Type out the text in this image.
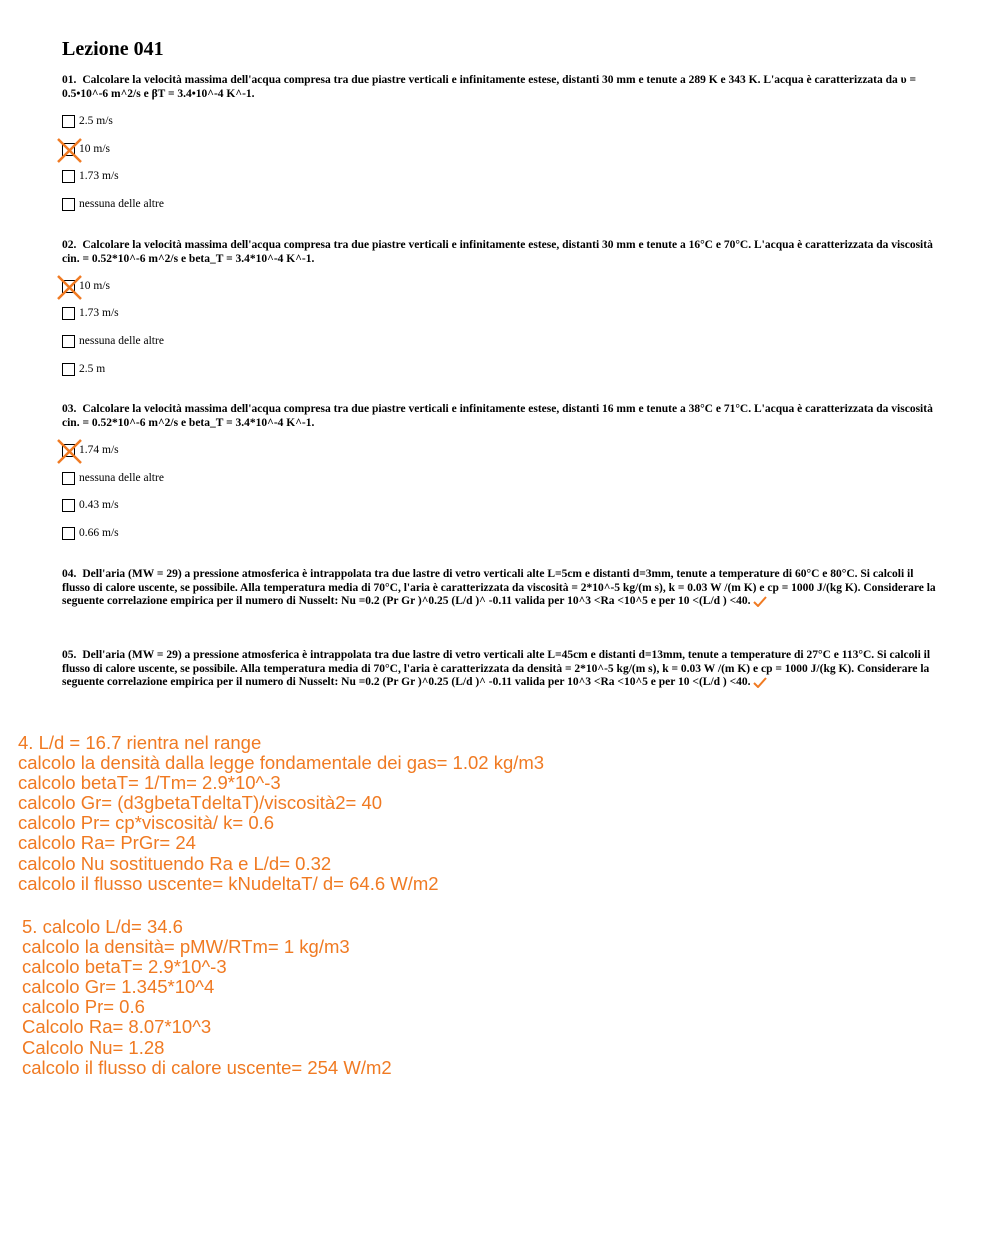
Lezione 041
01. Calcolare la velocità massima dell'acqua compresa tra due piastre verticali e infinitamente estese, distanti 30 mm e tenute a 289 K e 343 K. L'acqua è caratterizzata da υ = 0.5•10^-6 m^2/s e βT = 3.4•10^-4 K^-1.
2.5 m/s
10 m/s
1.73 m/s
nessuna delle altre
02. Calcolare la velocità massima dell'acqua compresa tra due piastre verticali e infinitamente estese, distanti 30 mm e tenute a 16°C e 70°C. L'acqua è caratterizzata da viscosità cin. = 0.52*10^-6 m^2/s e beta_T = 3.4*10^-4 K^-1.
10 m/s
1.73 m/s
nessuna delle altre
2.5 m
03. Calcolare la velocità massima dell'acqua compresa tra due piastre verticali e infinitamente estese, distanti 16 mm e tenute a 38°C e 71°C. L'acqua è caratterizzata da viscosità cin. = 0.52*10^-6 m^2/s e beta_T = 3.4*10^-4 K^-1.
1.74 m/s
nessuna delle altre
0.43 m/s
0.66 m/s
04. Dell'aria (MW = 29) a pressione atmosferica è intrappolata tra due lastre di vetro verticali alte L=5cm e distanti d=3mm, tenute a temperature di 60°C e 80°C. Si calcoli il flusso di calore uscente, se possibile. Alla temperatura media di 70°C, l'aria è caratterizzata da viscosità = 2*10^-5 kg/(m s), k = 0.03 W /(m K) e cp = 1000 J/(kg K). Considerare la seguente correlazione empirica per il numero di Nusselt: Nu =0.2 (Pr Gr )^0.25 (L/d )^ -0.11 valida per 10^3 <Ra <10^5 e per 10 <(L/d ) <40.
05. Dell'aria (MW = 29) a pressione atmosferica è intrappolata tra due lastre di vetro verticali alte L=45cm e distanti d=13mm, tenute a temperature di 27°C e 113°C. Si calcoli il flusso di calore uscente, se possibile. Alla temperatura media di 70°C, l'aria è caratterizzata da densità = 2*10^-5 kg/(m s), k = 0.03 W /(m K) e cp = 1000 J/(kg K). Considerare la seguente correlazione empirica per il numero di Nusselt: Nu =0.2 (Pr Gr )^0.25 (L/d )^ -0.11 valida per 10^3 <Ra <10^5 e per 10 <(L/d ) <40.
4. L/d = 16.7 rientra nel range
calcolo la densità dalla legge fondamentale dei gas= 1.02 kg/m3
calcolo betaT= 1/Tm= 2.9*10^-3
calcolo Gr= (d3gbetaTdeltaT)/viscosità2= 40
calcolo Pr= cp*viscosità/ k= 0.6
calcolo Ra= PrGr= 24
calcolo Nu sostituendo Ra e L/d= 0.32
calcolo il flusso uscente= kNudeltaT/ d= 64.6 W/m2
5. calcolo L/d= 34.6
calcolo la densità= pMW/RTm= 1 kg/m3
calcolo betaT= 2.9*10^-3
calcolo Gr= 1.345*10^4
calcolo Pr= 0.6
Calcolo Ra= 8.07*10^3
Calcolo Nu= 1.28
calcolo il flusso di calore uscente= 254 W/m2
